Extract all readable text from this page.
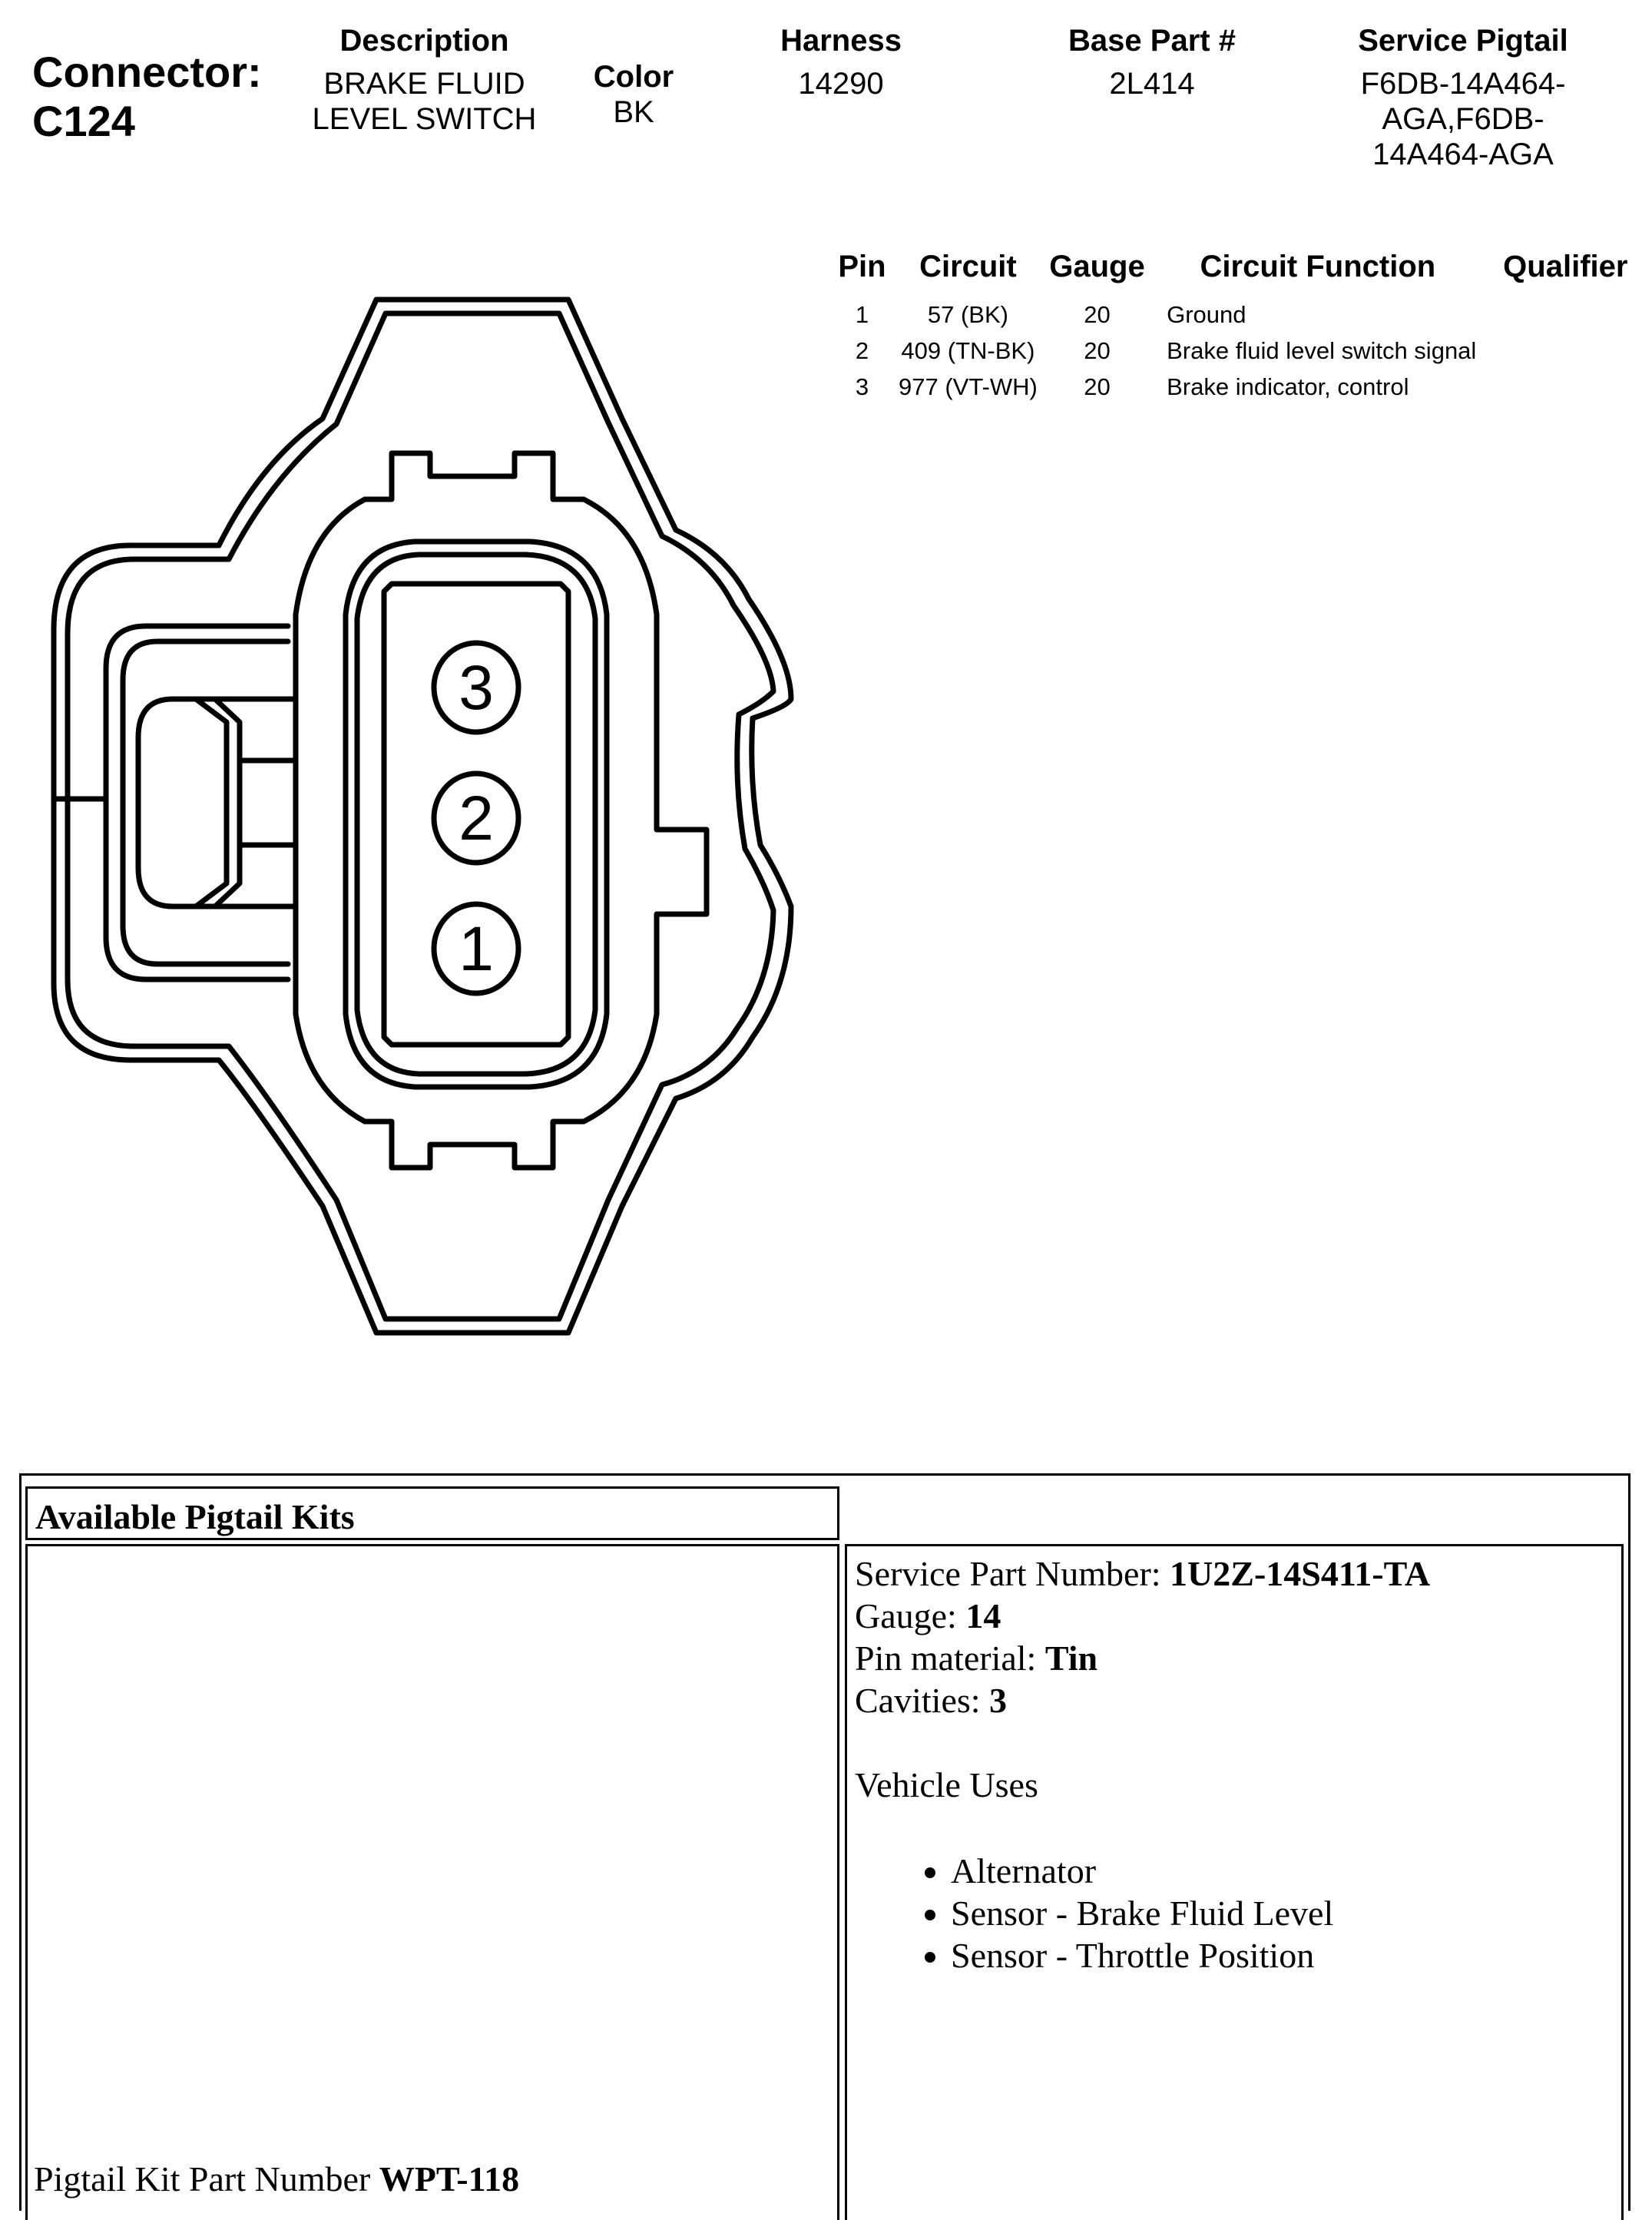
Connector:
C124
Description
BRAKE FLUID
LEVEL SWITCH
Color
BK
Harness
14290
Base Part #
2L414
Service Pigtail
F6DB-14A464-
AGA,F6DB-
14A464-AGA
Pin	Circuit	Gauge	Circuit Function	Qualifier
1	57 (BK)	20	Ground	
2	409 (TN-BK)	20	Brake fluid level switch signal	
3	977 (VT-WH)	20	Brake indicator, control	
3
2
1
Available Pigtail Kits
Pigtail Kit Part Number WPT-118
Service Part Number: 1U2Z-14S411-TA
Gauge: 14
Pin material: Tin
Cavities: 3
Vehicle Uses
• Alternator
• Sensor - Brake Fluid Level
• Sensor - Throttle Position
